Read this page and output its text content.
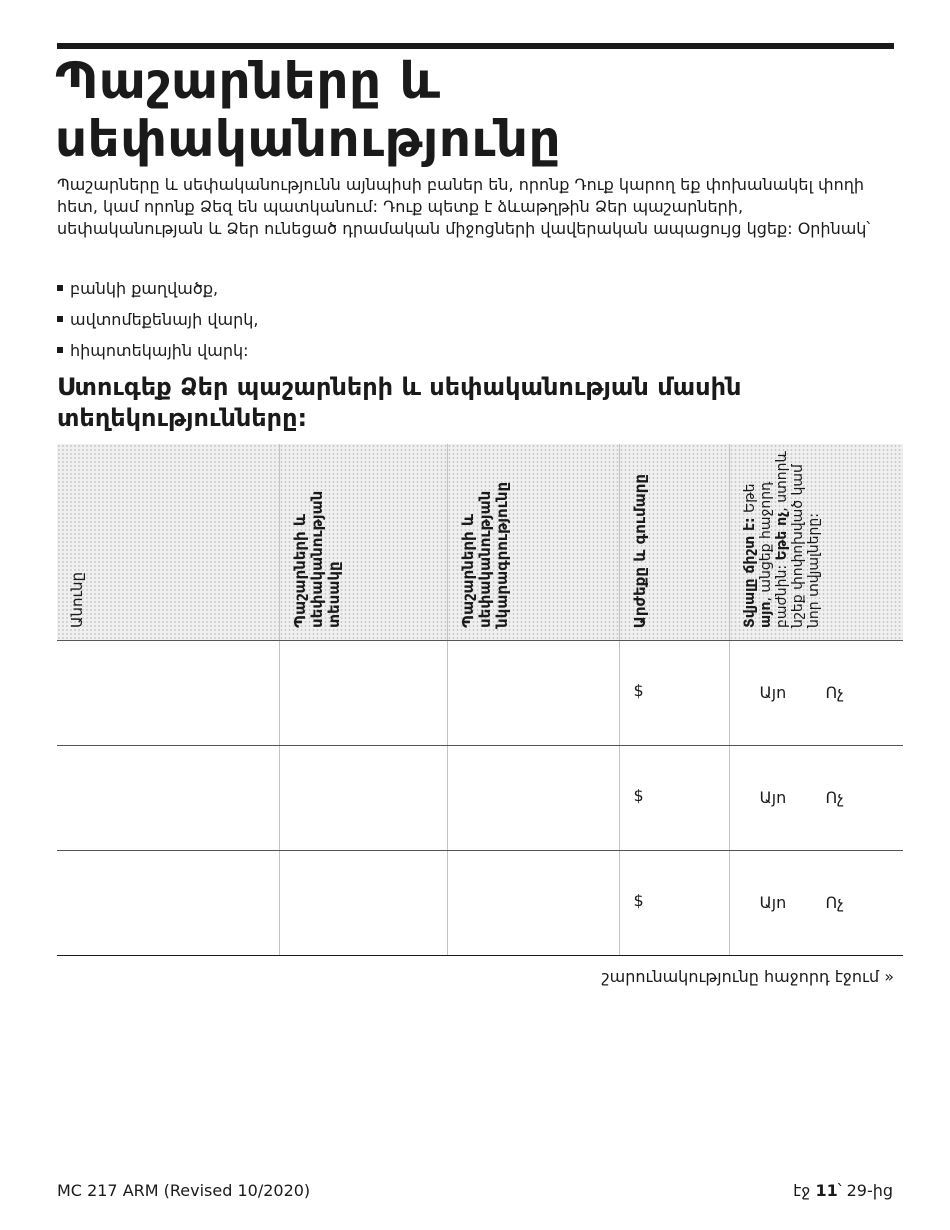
Պաշարները և
սեփականությունը

Պաշարները և սեփականությունն այնպիսի բաներ են, որոնք Դուք կարող եք փոխանակել փողի հետ, կամ որոնք Ձեզ են պատկանում: Դուք պետք է ձևաթղթին Ձեր պաշարների, սեփականության և Ձեր ունեցած դրամական միջոցների վավերական ապացույց կցեք: Օրինակ՝

բանկի քաղվածք,
ավտոմեքենայի վարկ,
հիպոտեկային վարկ:
Ստուգեք Ձեր պաշարների և սեփականության մասին տեղեկությունները:
Անունը	Պաշարների և սեփականության տեսակը	Պաշարների և սեփականության նկարագրությունը	Արժեքը և գումարը	Տվյալը ճիշտ է: Եթե այո, անցեք հաջորդ բաժնին: Եթե ոչ, ստորև նշեք փոփոխված կամ նոր տվյալները:

			$	Այո Ոչ

			$	Այո Ոչ

			$	Այո Ոչ

շարունակությունը հաջորդ էջում »

MC 217 ARM (Revised 10/2020)	էջ 11՝ 29-ից
